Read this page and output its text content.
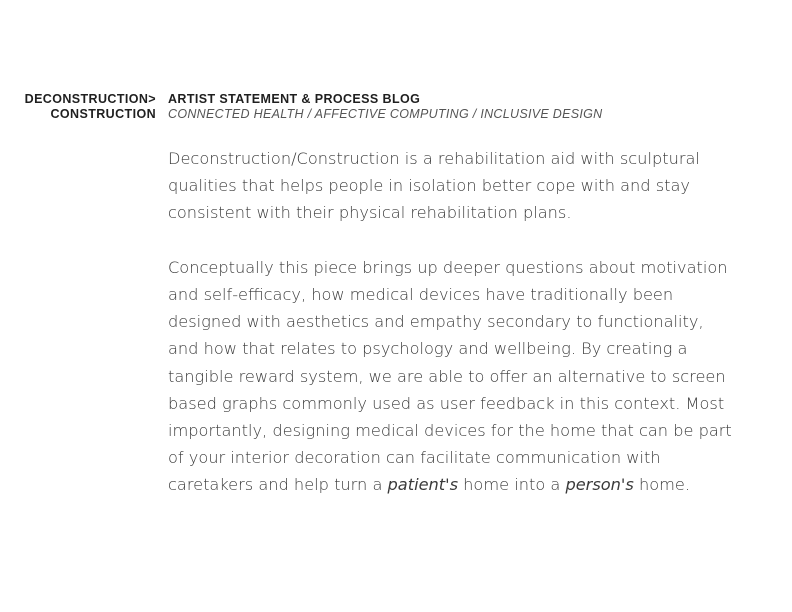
DECONSTRUCTION>
CONSTRUCTION
ARTIST STATEMENT & PROCESS BLOG
CONNECTED HEALTH / AFFECTIVE COMPUTING / INCLUSIVE DESIGN

Deconstruction/Construction is a rehabilitation aid with sculptural
qualities that helps people in isolation better cope with and stay
consistent with their physical rehabilitation plans.

Conceptually this piece brings up deeper questions about motivation
and self-efficacy, how medical devices have traditionally been
designed with aesthetics and empathy secondary to functionality,
and how that relates to psychology and wellbeing. By creating a
tangible reward system, we are able to offer an alternative to screen
based graphs commonly used as user feedback in this context. Most
importantly, designing medical devices for the home that can be part
of your interior decoration can facilitate communication with
caretakers and help turn a patient's home into a person's home.
